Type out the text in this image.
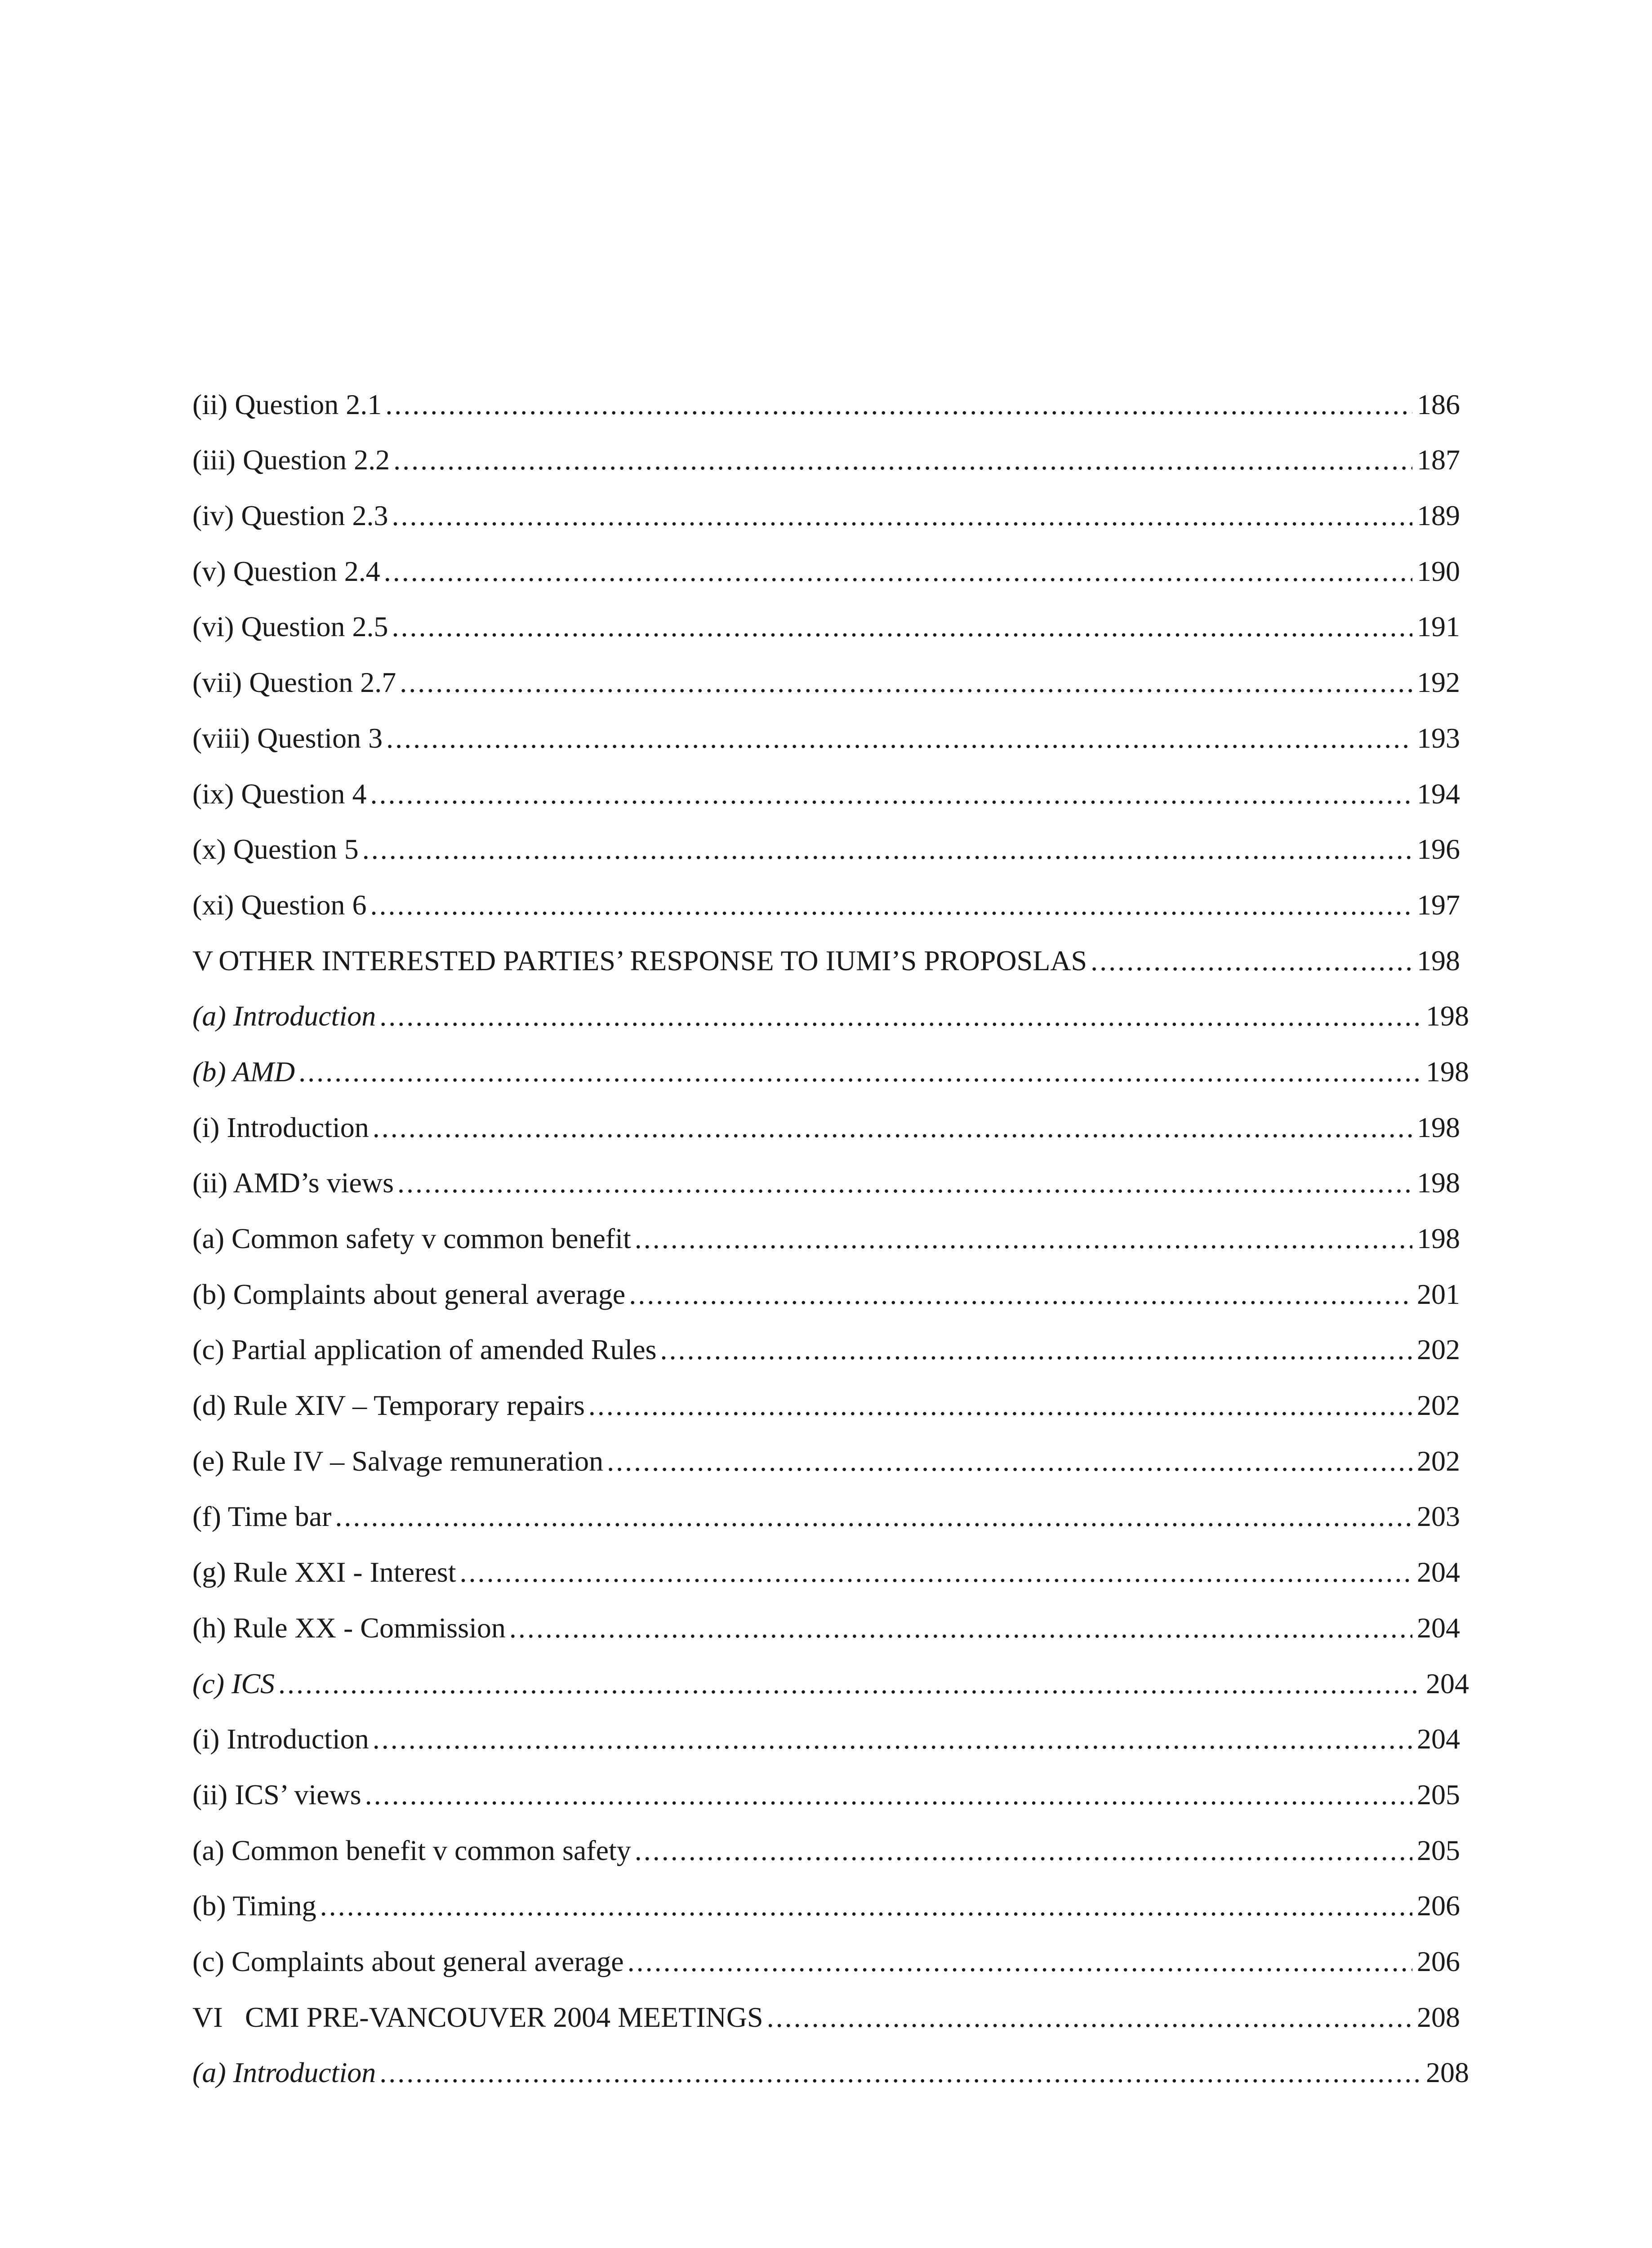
(ii) Question 2.1 .....	186
(iii) Question 2.2 .....	187
(iv) Question 2.3 .....	189
(v) Question 2.4 .....	190
(vi) Question 2.5 .....	191
(vii) Question 2.7 .....	192
(viii) Question 3 .....	193
(ix) Question 4 .....	194
(x) Question 5 .....	196
(xi) Question 6 .....	197
V OTHER INTERESTED PARTIES’ RESPONSE TO IUMI’S PROPOSLAS .....	198
(a) Introduction .....	198
(b) AMD .....	198
(i) Introduction .....	198
(ii) AMD’s views .....	198
(a) Common safety v common benefit .....	198
(b) Complaints about general average .....	201
(c) Partial application of amended Rules .....	202
(d) Rule XIV – Temporary repairs .....	202
(e) Rule IV – Salvage remuneration .....	202
(f) Time bar .....	203
(g) Rule XXI - Interest .....	204
(h) Rule XX - Commission .....	204
(c) ICS .....	204
(i) Introduction .....	204
(ii) ICS’ views .....	205
(a) Common benefit v common safety .....	205
(b) Timing .....	206
(c) Complaints about general average .....	206
VI CMI PRE-VANCOUVER 2004 MEETINGS .....	208
(a) Introduction .....	208
